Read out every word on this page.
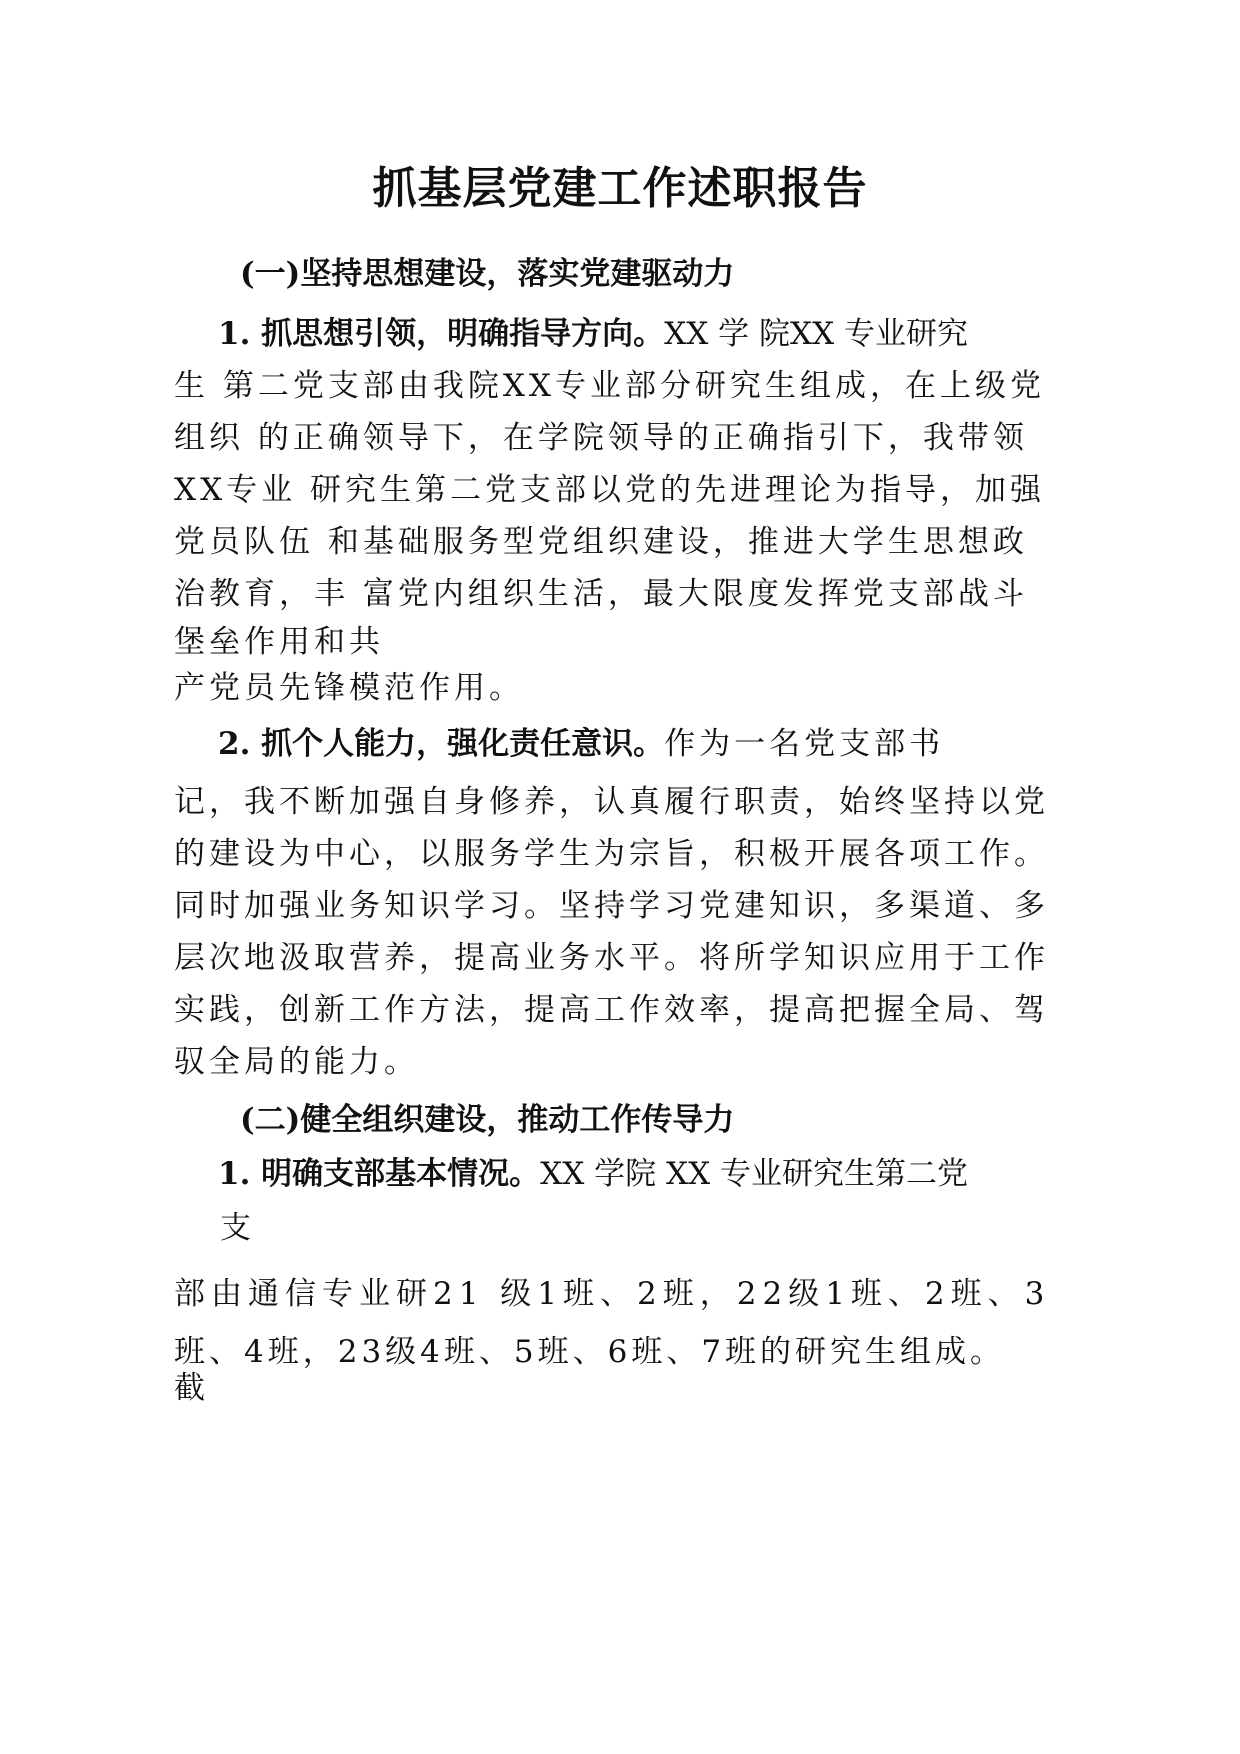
抓基层党建工作述职报告
(一)坚持思想建设，落实党建驱动力
1. 抓思想引领，明确指导方向。XX 学 院XX 专业研究
生 第二党支部由我院XX专业部分研究生组成，在上级党
组织 的正确领导下，在学院领导的正确指引下，我带领
XX专业 研究生第二党支部以党的先进理论为指导，加强
党员队伍 和基础服务型党组织建设，推进大学生思想政
治教育，丰 富党内组织生活，最大限度发挥党支部战斗
堡垒作用和共
产党员先锋模范作用。
2. 抓个人能力，强化责任意识。作为一名党支部书
记，我不断加强自身修养，认真履行职责，始终坚持以党
的建设为中心，以服务学生为宗旨，积极开展各项工作。
同时加强业务知识学习。坚持学习党建知识，多渠道、多
层次地汲取营养，提高业务水平。将所学知识应用于工作
实践，创新工作方法，提高工作效率，提高把握全局、驾
驭全局的能力。
(二)健全组织建设，推动工作传导力
1. 明确支部基本情况。XX 学院 XX 专业研究生第二党
支
部由通信专业研21 级1班、2班，22级1班、2班、3
班、4班，23级4班、5班、6班、7班的研究生组成。
截
